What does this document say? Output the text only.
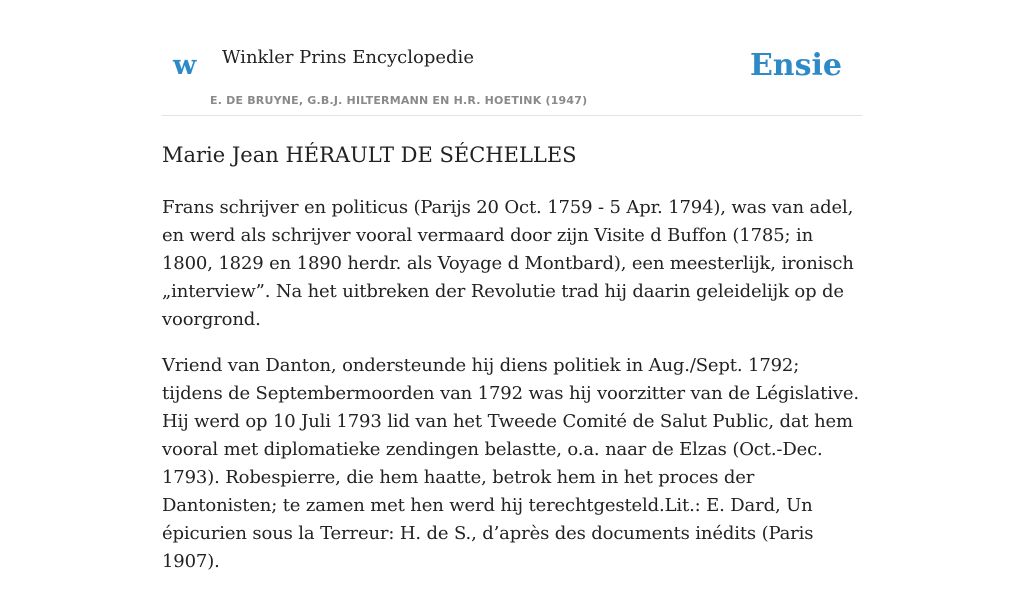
w Winkler Prins Encyclopedie
E. DE BRUYNE, G.B.J. HILTERMANN EN H.R. HOETINK (1947)
Ensie
Marie Jean HÉRAULT DE SÉCHELLES

Frans schrijver en politicus (Parijs 20 Oct. 1759 - 5 Apr. 1794), was van adel, en werd als schrijver vooral vermaard door zijn Visite d Buffon (1785; in 1800, 1829 en 1890 herdr. als Voyage d Montbard), een meesterlijk, ironisch „interview”. Na het uitbreken der Revolutie trad hij daarin geleidelijk op de voorgrond.

Vriend van Danton, ondersteunde hij diens politiek in Aug./Sept. 1792; tijdens de Septembermoorden van 1792 was hij voorzitter van de Législative. Hij werd op 10 Juli 1793 lid van het Tweede Comité de Salut Public, dat hem vooral met diplomatieke zendingen belastte, o.a. naar de Elzas (Oct.-Dec. 1793). Robespierre, die hem haatte, betrok hem in het proces der Dantonisten; te zamen met hen werd hij terechtgesteld.Lit.: E. Dard, Un épicurien sous la Terreur: H. de S., d’après des documents inédits (Paris 1907).
